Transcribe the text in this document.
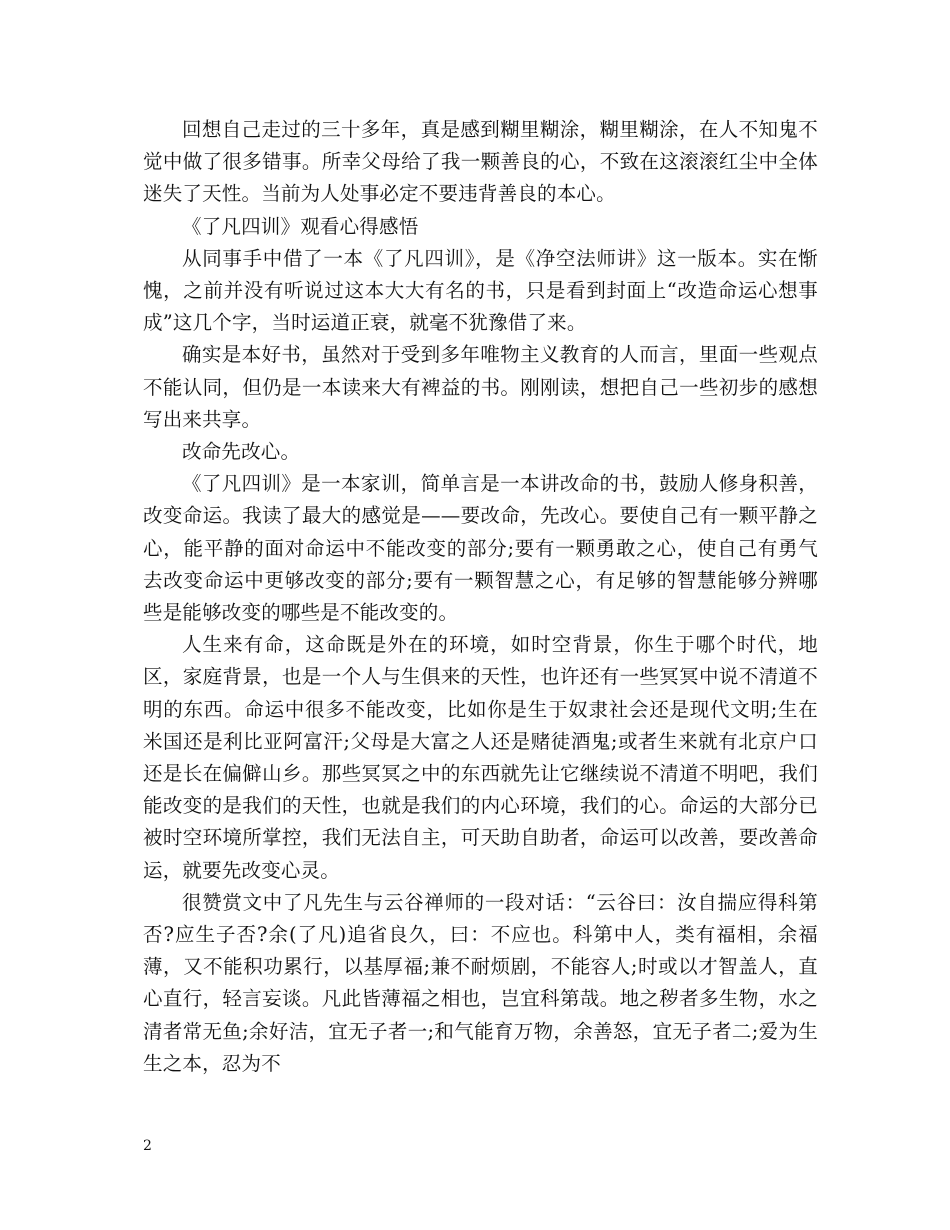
回想自己走过的三十多年，真是感到糊里糊涂，糊里糊涂，在人不知鬼不觉中做了很多错事。所幸父母给了我一颗善良的心，不致在这滚滚红尘中全体迷失了天性。当前为人处事必定不要违背善良的本心。

《了凡四训》观看心得感悟

从同事手中借了一本《了凡四训》，是《净空法师讲》这一版本。实在惭愧，之前并没有听说过这本大大有名的书，只是看到封面上“改造命运心想事成”这几个字，当时运道正衰，就毫不犹豫借了来。

确实是本好书，虽然对于受到多年唯物主义教育的人而言，里面一些观点不能认同，但仍是一本读来大有裨益的书。刚刚读，想把自己一些初步的感想写出来共享。

改命先改心。

《了凡四训》是一本家训，简单言是一本讲改命的书，鼓励人修身积善，改变命运。我读了最大的感觉是——要改命，先改心。要使自己有一颗平静之心，能平静的面对命运中不能改变的部分;要有一颗勇敢之心，使自己有勇气去改变命运中更够改变的部分;要有一颗智慧之心，有足够的智慧能够分辨哪些是能够改变的哪些是不能改变的。

人生来有命，这命既是外在的环境，如时空背景，你生于哪个时代，地区，家庭背景，也是一个人与生俱来的天性，也许还有一些冥冥中说不清道不明的东西。命运中很多不能改变，比如你是生于奴隶社会还是现代文明;生在米国还是利比亚阿富汗;父母是大富之人还是赌徒酒鬼;或者生来就有北京户口还是长在偏僻山乡。那些冥冥之中的东西就先让它继续说不清道不明吧，我们能改变的是我们的天性，也就是我们的内心环境，我们的心。命运的大部分已被时空环境所掌控，我们无法自主，可天助自助者，命运可以改善，要改善命运，就要先改变心灵。

很赞赏文中了凡先生与云谷禅师的一段对话：“云谷曰：汝自揣应得科第否?应生子否?余(了凡)追省良久，曰：不应也。科第中人，类有福相，余福薄，又不能积功累行，以基厚福;兼不耐烦剧，不能容人;时或以才智盖人，直心直行，轻言妄谈。凡此皆薄福之相也，岂宜科第哉。地之秽者多生物，水之清者常无鱼;余好洁，宜无子者一;和气能育万物，余善怒，宜无子者二;爱为生生之本，忍为不

2
